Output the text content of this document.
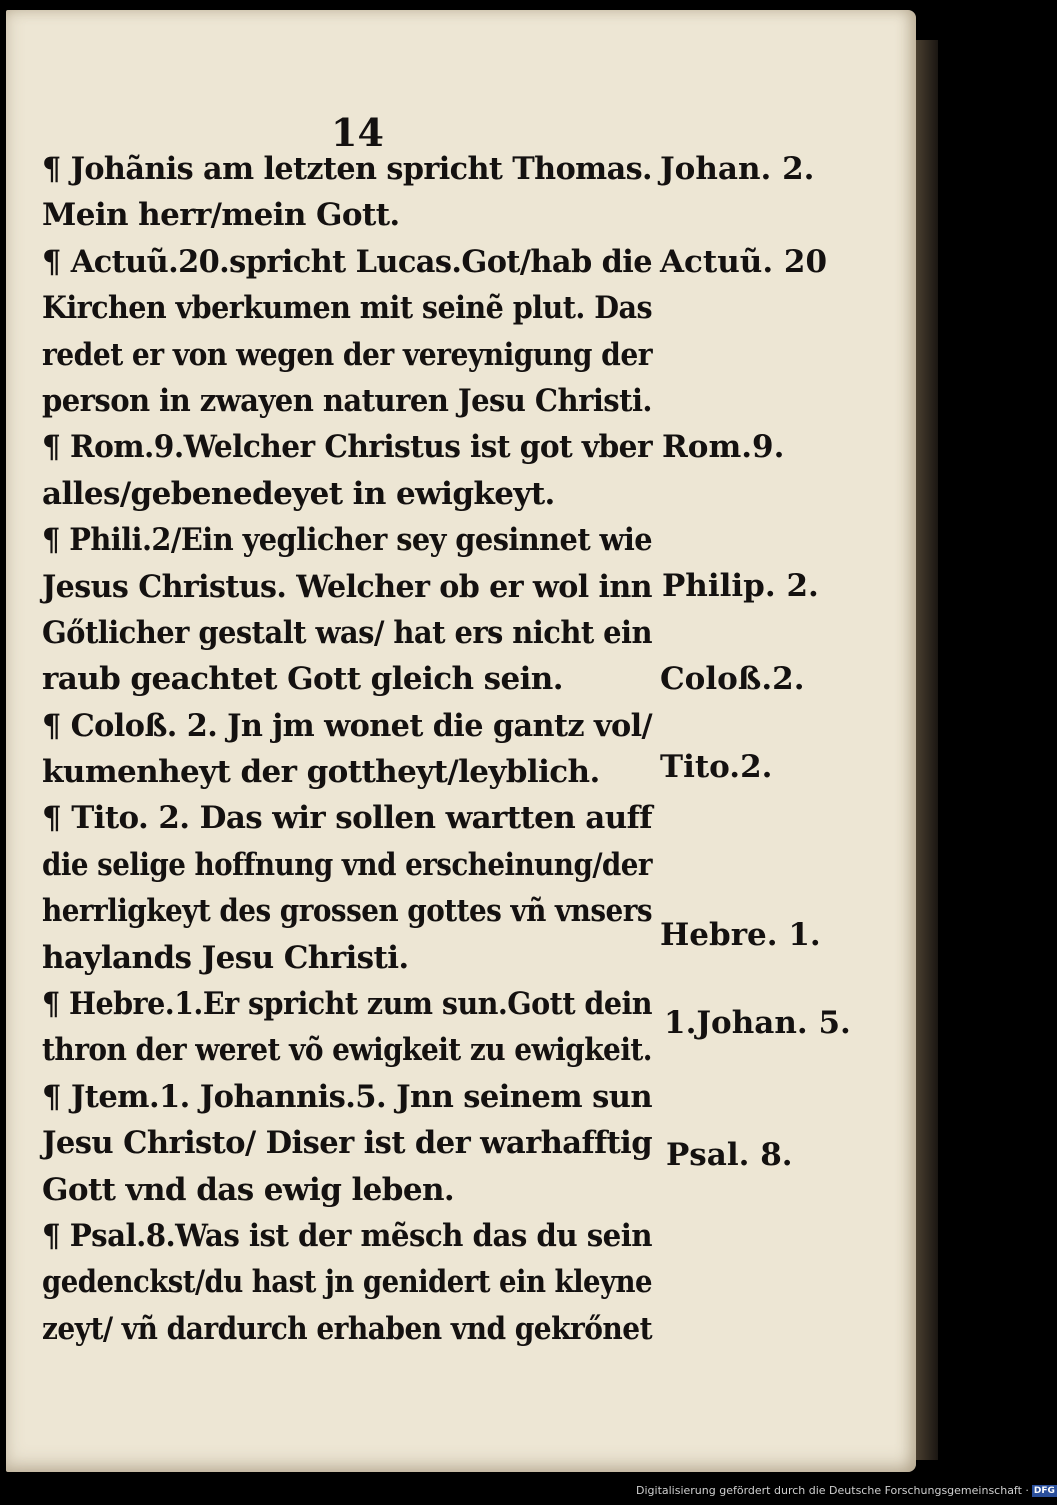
14
¶ Johãnis am letzten spricht Thomas.
Mein herr/mein Gott.
¶ Actuũ.20.spricht Lucas.Got/hab die
Kirchen vberkumen mit seinẽ plut. Das
redet er von wegen der vereynigung der
person in zwayen naturen Jesu Christi.
¶ Rom.9.Welcher Christus ist got vber
alles/gebenedeyet in ewigkeyt.
¶ Phili.2/Ein yeglicher sey gesinnet wie
Jesus Christus. Welcher ob er wol inn
Gőtlicher gestalt was/ hat ers nicht ein
raub geachtet Gott gleich sein.
¶ Coloß. 2. Jn jm wonet die gantz vol/
kumenheyt der gottheyt/leyblich.
¶ Tito. 2. Das wir sollen wartten auff
die selige hoffnung vnd erscheinung/der
herrligkeyt des grossen gottes vñ vnsers
haylands Jesu Christi.
¶ Hebre.1.Er spricht zum sun.Gott dein
thron der weret võ ewigkeit zu ewigkeit.
¶ Jtem.1. Johannis.5. Jnn seinem sun
Jesu Christo/ Diser ist der warhafftig
Gott vnd das ewig leben.
¶ Psal.8.Was ist der mẽsch das du sein
gedenckst/du hast jn genidert ein kleyne
zeyt/ vñ dardurch erhaben vnd gekrőnet
Johan. 2.
Actuũ. 20
Rom.9.
Philip. 2.
Coloß.2.
Tito.2.
Hebre. 1.
1.Johan. 5.
Psal. 8.
Digitalisierung gefördert durch die Deutsche Forschungsgemeinschaft · DFG
